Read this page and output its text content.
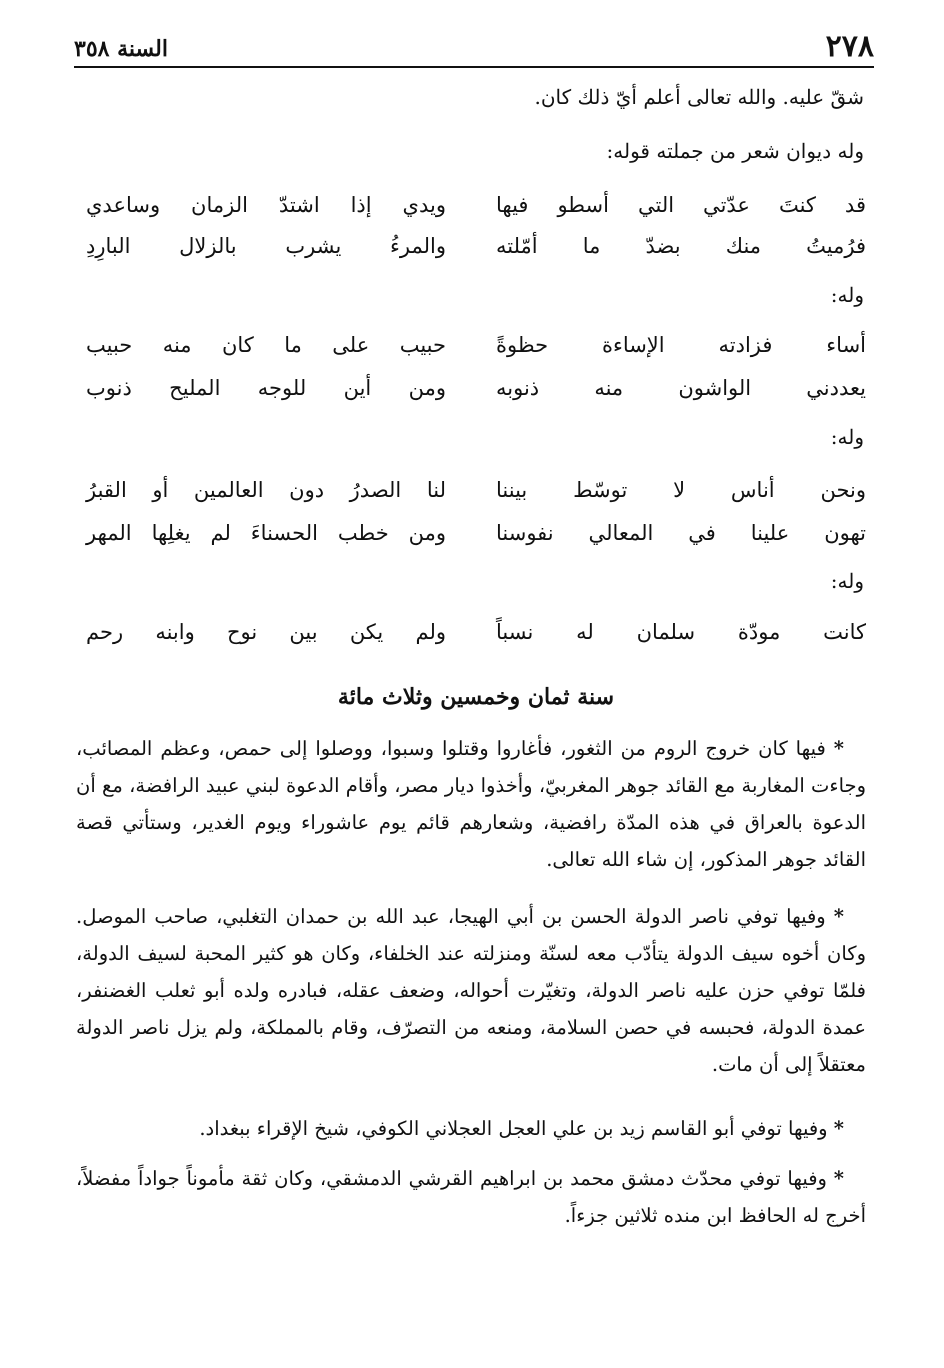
٢٧٨
السنة ٣٥٨
شقّ عليه. والله تعالى أعلم أيّ ذلك كان.
وله ديوان شعر من جملته قوله:
قد كنتَ عدّتي التي أسطو فيها
ويدي إذا اشتدّ الزمان وساعدي
فرُميتُ منك بضدّ ما أمّلته
والمرءُ يشرب بالزلال البارِدِ
وله:
أساء فزادته الإساءة حظوةً
حبيب على ما كان منه حبيب
يعددني الواشون منه ذنوبه
ومن أين للوجه المليح ذنوب
وله:
ونحن أناس لا توسّط بيننا
لنا الصدرُ دون العالمين أو القبرُ
تهون علينا في المعالي نفوسنا
ومن خطب الحسناءَ لم يغلِها المهر
وله:
كانت مودّة سلمان له نسباً
ولم يكن بين نوح وابنه رحم
سنة ثمان وخمسين وثلاث مائة
* فيها كان خروج الروم من الثغور، فأغاروا وقتلوا وسبوا، ووصلوا إلى حمص، وعظم المصائب، وجاءت المغاربة مع القائد جوهر المغربيّ، وأخذوا ديار مصر، وأقام الدعوة لبني عبيد الرافضة، مع أن الدعوة بالعراق في هذه المدّة رافضية، وشعارهم قائم يوم عاشوراء ويوم الغدير، وستأتي قصة القائد جوهر المذكور، إن شاء الله تعالى.
* وفيها توفي ناصر الدولة الحسن بن أبي الهيجا، عبد الله بن حمدان التغلبي، صاحب الموصل. وكان أخوه سيف الدولة يتأدّب معه لسنّة ومنزلته عند الخلفاء، وكان هو كثير المحبة لسيف الدولة، فلمّا توفي حزن عليه ناصر الدولة، وتغيّرت أحواله، وضعف عقله، فبادره ولده أبو ثعلب الغضنفر، عمدة الدولة، فحبسه في حصن السلامة، ومنعه من التصرّف، وقام بالمملكة، ولم يزل ناصر الدولة معتقلاً إلى أن مات.
* وفيها توفي أبو القاسم زيد بن علي العجل العجلاني الكوفي، شيخ الإقراء ببغداد.
* وفيها توفي محدّث دمشق محمد بن ابراهيم القرشي الدمشقي، وكان ثقة مأموناً جواداً مفضلاً، أخرج له الحافظ ابن منده ثلاثين جزءاً.
